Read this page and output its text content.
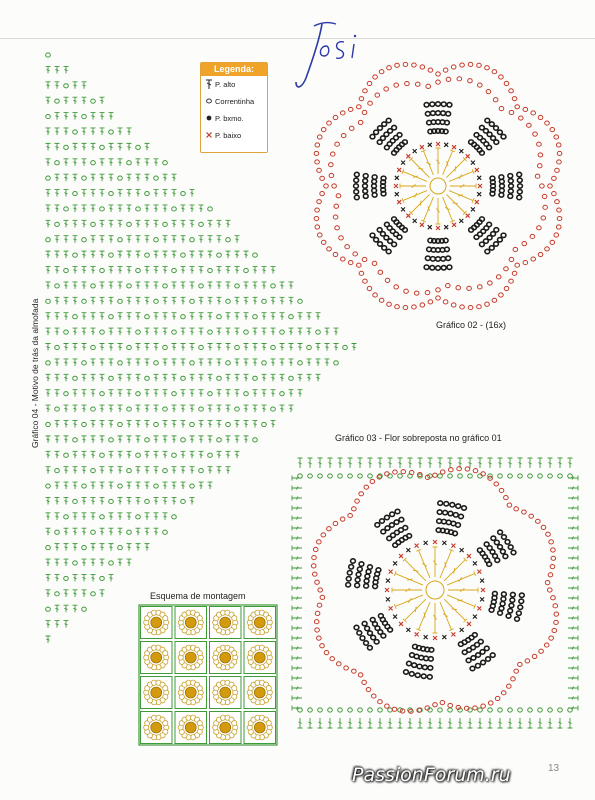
Gráfico 04 - Motivo de trás da almofada
Legenda:
P. alto
Correntinha
P. bxmo.
P. baixo
Gráfico 02 - (16x)
Gráfico 03 - Flor sobreposta no gráfico 01
Esquema de montagem
13
PassionForum.ru
